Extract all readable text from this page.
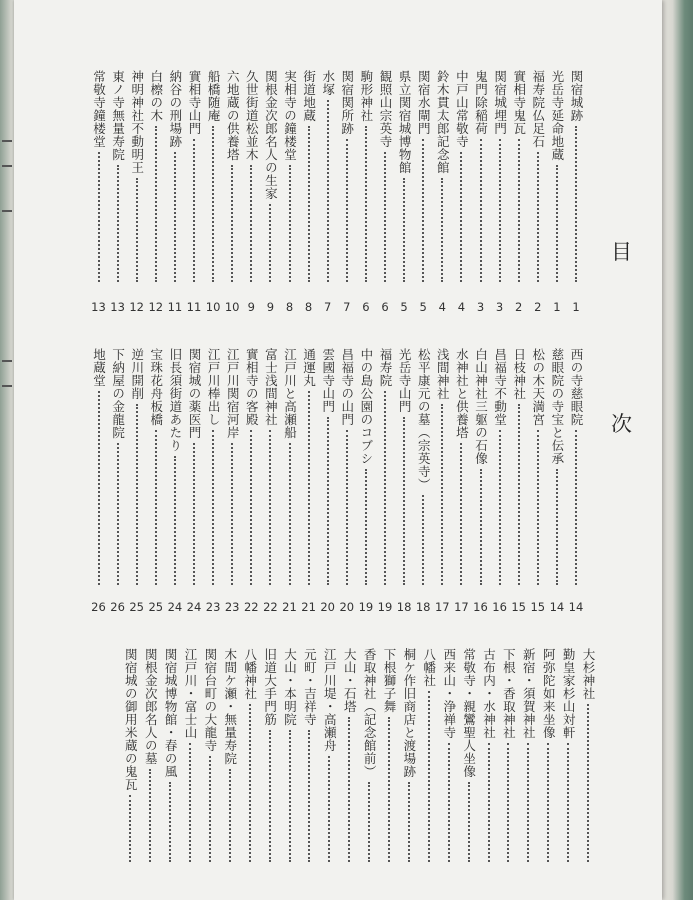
目
次
関宿城跡
1
光岳寺延命地蔵
1
福寿院仏足石
2
實相寺鬼瓦
2
関宿城埋門
3
鬼門除稲荷
3
中戸山常敬寺
4
鈴木貫太郎記念館
4
関宿水閘門
5
県立関宿城博物館
5
観照山宗英寺
6
駒形神社
6
関宿関所跡
7
水塚
7
街道地蔵
8
実相寺の鐘楼堂
8
関根金次郎名人の生家
9
久世街道松並木
9
六地蔵の供養塔
10
船橋随庵
10
實相寺山門
11
納谷の刑場跡
11
白檫の木
12
神明神社不動明王
12
東ノ寺無量寿院
13
常敬寺鐘楼堂
13
西の寺慈眼院
14
慈眼院の寺宝と伝承
14
松の木天満宮
15
日枝神社
15
昌福寺不動堂
16
白山神社三躯の石像
16
水神社と供養塔
17
浅間神社
17
松平康元の墓（宗英寺）
18
光岳寺山門
18
福寿院
19
中の島公園のコブシ
19
昌福寺の山門
20
雲國寺山門
20
通運丸
21
江戸川と高瀬船
21
富士浅間神社
22
實相寺の客殿
22
江戸川関宿河岸
23
江戸川棒出し
23
関宿城の薬医門
24
旧長須街道あたり
24
宝珠花舟板橋
25
逆川開削
25
下納屋の金龍院
26
地蔵堂
26
大杉神社
勤皇家杉山対軒
阿弥陀如来坐像
新宿・須賀神社
下根・香取神社
古布内・水神社
常敬寺・親鸞聖人坐像
西来山・浄禅寺
八幡社
桐ケ作旧商店と渡場跡
下根獅子舞
香取神社（記念館前）
大山・石塔
江戸川堤・高瀬舟
元町・吉祥寺
大山・本明院
旧道大手門筋
八幡神社
木間ケ瀬・無量寿院
関宿台町の大龍寺
江戸川・富士山
関宿城博物館・春の風
関根金次郎名人の墓
関宿城の御用米蔵の鬼瓦
